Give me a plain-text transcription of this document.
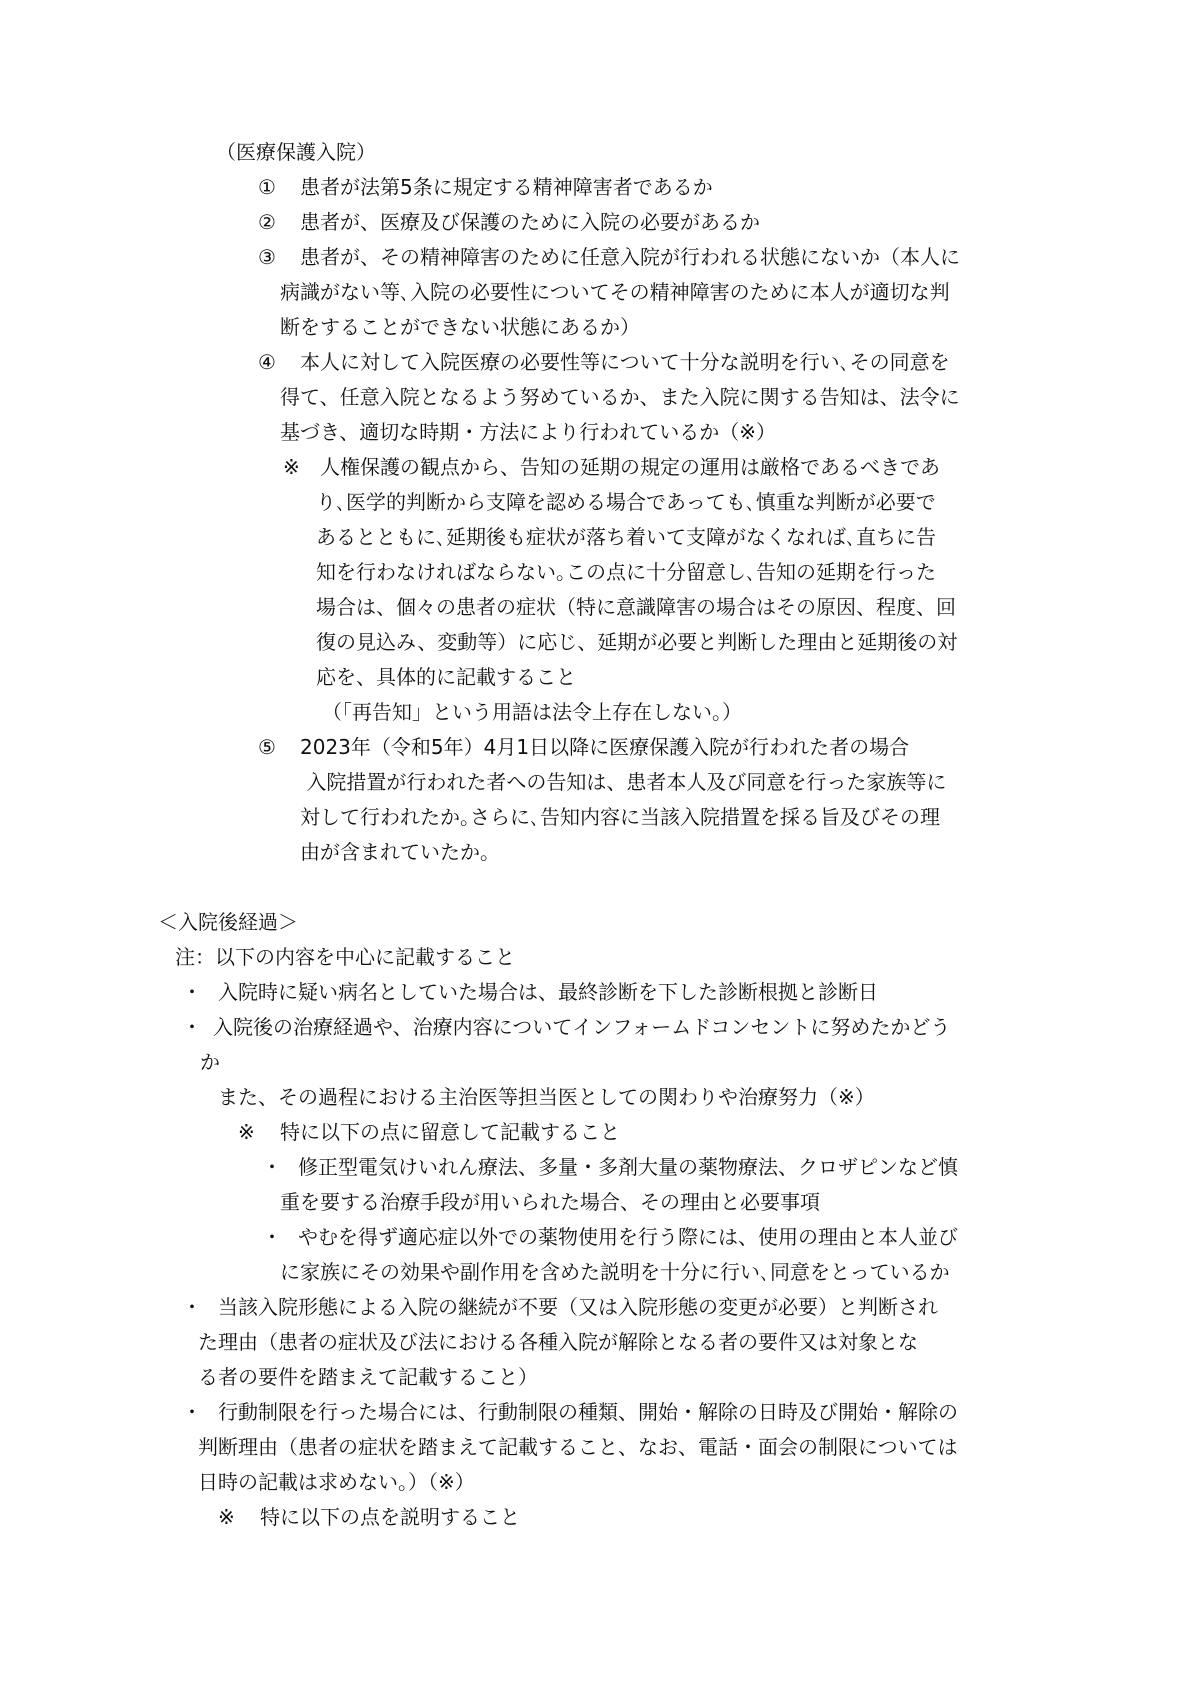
（医療保護入院）
① 患者が法第5条に規定する精神障害者であるか
② 患者が、医療及び保護のために入院の必要があるか
③ 患者が、その精神障害のために任意入院が行われる状態にないか（本人に
病識がない等､入院の必要性についてその精神障害のために本人が適切な判
断をすることができない状態にあるか）
④ 本人に対して入院医療の必要性等について十分な説明を行い､その同意を
得て、任意入院となるよう努めているか、また入院に関する告知は、法令に
基づき、適切な時期・方法により行われているか（※）
※ 人権保護の観点から、告知の延期の規定の運用は厳格であるべきであ
り､医学的判断から支障を認める場合であっても､慎重な判断が必要で
あるとともに､延期後も症状が落ち着いて支障がなくなれば､直ちに告
知を行わなければならない｡この点に十分留意し､告知の延期を行った
場合は、個々の患者の症状（特に意識障害の場合はその原因、程度、回
復の見込み、変動等）に応じ、延期が必要と判断した理由と延期後の対
応を、具体的に記載すること
（「再告知」という用語は法令上存在しない。）
⑤ 2023年（令和5年）4月1日以降に医療保護入院が行われた者の場合
入院措置が行われた者への告知は、患者本人及び同意を行った家族等に
対して行われたか｡さらに､告知内容に当該入院措置を採る旨及びその理
由が含まれていたか。
＜入院後経過＞
注：以下の内容を中心に記載すること
・ 入院時に疑い病名としていた場合は、最終診断を下した診断根拠と診断日
・ 入院後の治療経過や、治療内容についてインフォームドコンセントに努めたかどう
か
また、その過程における主治医等担当医としての関わりや治療努力（※）
※ 特に以下の点に留意して記載すること
・ 修正型電気けいれん療法、多量・多剤大量の薬物療法、クロザピンなど慎
重を要する治療手段が用いられた場合、その理由と必要事項
・ やむを得ず適応症以外での薬物使用を行う際には、使用の理由と本人並び
に家族にその効果や副作用を含めた説明を十分に行い､同意をとっているか
・ 当該入院形態による入院の継続が不要（又は入院形態の変更が必要）と判断され
た理由（患者の症状及び法における各種入院が解除となる者の要件又は対象とな
る者の要件を踏まえて記載すること）
・ 行動制限を行った場合には、行動制限の種類、開始・解除の日時及び開始・解除の
判断理由（患者の症状を踏まえて記載すること、なお、電話・面会の制限については
日時の記載は求めない。）（※）
※ 特に以下の点を説明すること
